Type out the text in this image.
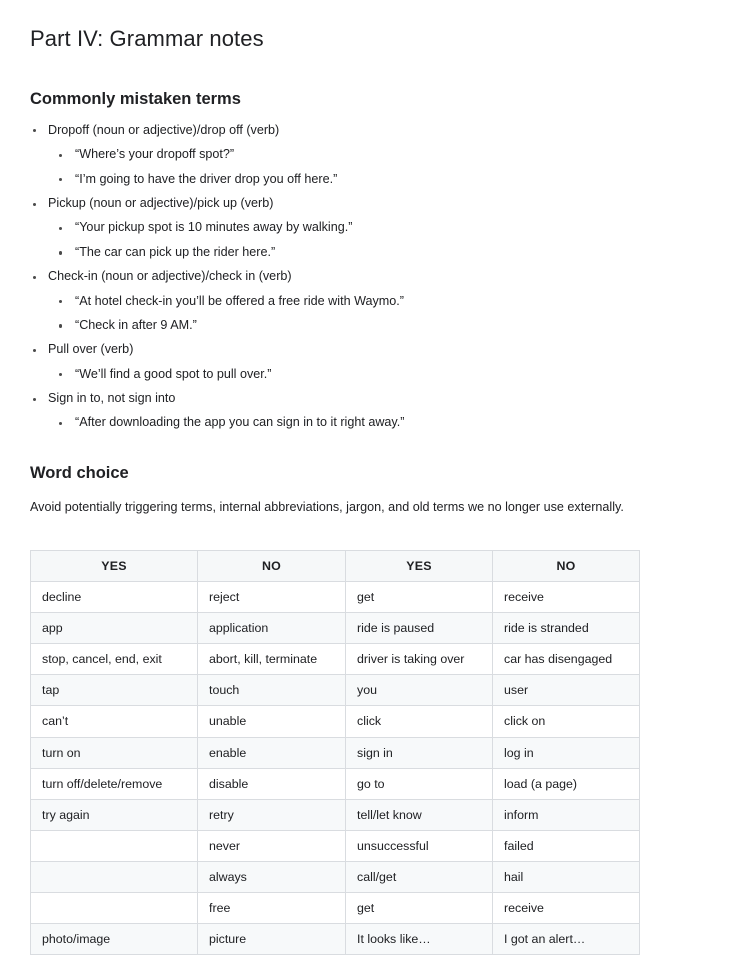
Part IV: Grammar notes
Commonly mistaken terms
Dropoff (noun or adjective)/drop off (verb)
“Where’s your dropoff spot?”
“I’m going to have the driver drop you off here.”
Pickup (noun or adjective)/pick up (verb)
“Your pickup spot is 10 minutes away by walking.”
“The car can pick up the rider here.”
Check-in (noun or adjective)/check in (verb)
“At hotel check-in you’ll be offered a free ride with Waymo.”
“Check in after 9 AM.”
Pull over (verb)
“We’ll find a good spot to pull over.”
Sign in to, not sign into
“After downloading the app you can sign in to it right away.”
Word choice

Avoid potentially triggering terms, internal abbreviations, jargon, and old terms we no longer use externally.

YES	NO	YES	NO
decline	reject	get	receive
app	application	ride is paused	ride is stranded
stop, cancel, end, exit	abort, kill, terminate	driver is taking over	car has disengaged
tap	touch	you	user
can’t	unable	click	click on
turn on	enable	sign in	log in
turn off/delete/remove	disable	go to	load (a page)
try again	retry	tell/let know	inform
	never	unsuccessful	failed
	always	call/get	hail
	free	get	receive
photo/image	picture	It looks like…	I got an alert…
